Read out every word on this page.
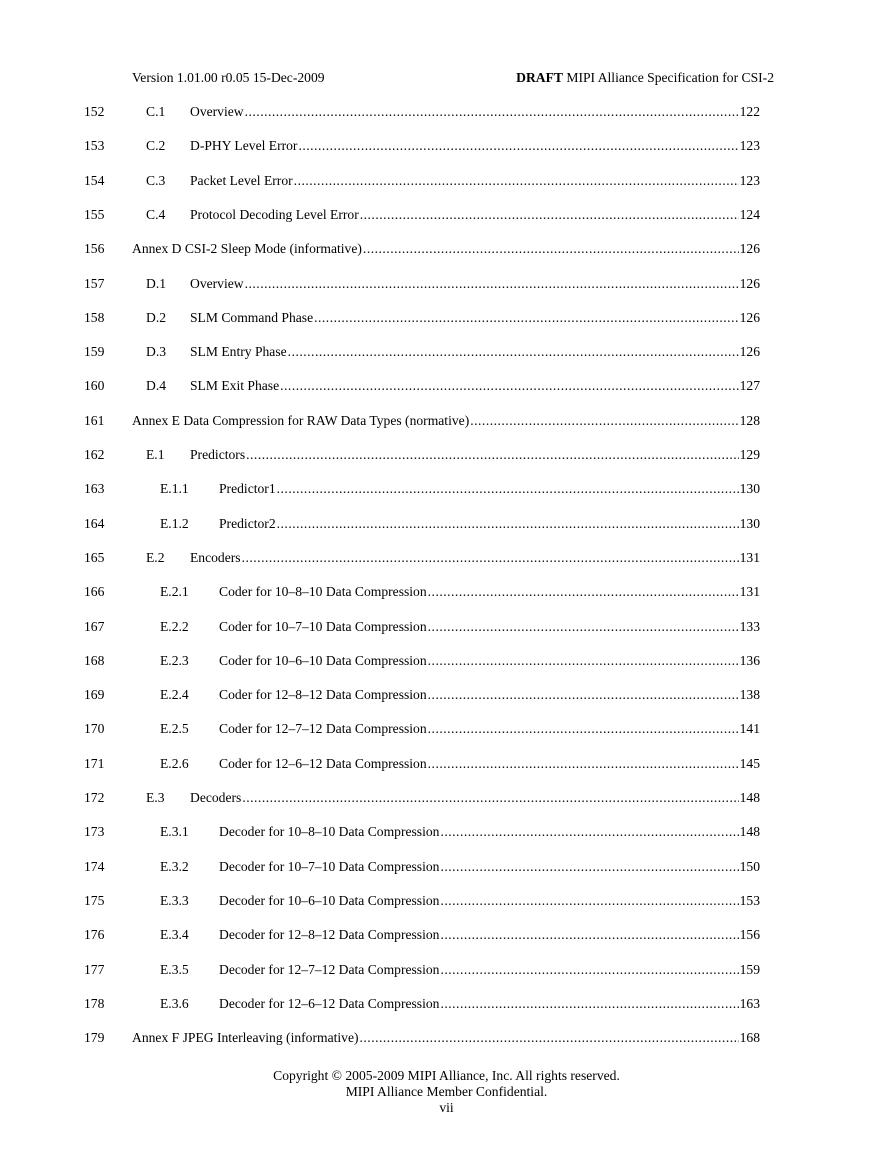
Version 1.01.00 r0.05 15-Dec-2009	DRAFT MIPI Alliance Specification for CSI-2
152	C.1 Overview . . .	122
153	C.2 D-PHY Level Error . . .	123
154	C.3 Packet Level Error . . .	123
155	C.4 Protocol Decoding Level Error . . .	124
156	Annex D CSI-2 Sleep Mode (informative) . . .	126
157	D.1 Overview . . .	126
158	D.2 SLM Command Phase . . .	126
159	D.3 SLM Entry Phase . . .	126
160	D.4 SLM Exit Phase . . .	127
161	Annex E Data Compression for RAW Data Types (normative) . . .	128
162	E.1 Predictors . . .	129
163	E.1.1 Predictor1 . . .	130
164	E.1.2 Predictor2 . . .	130
165	E.2 Encoders . . .	131
166	E.2.1 Coder for 10–8–10 Data Compression . . .	131
167	E.2.2 Coder for 10–7–10 Data Compression . . .	133
168	E.2.3 Coder for 10–6–10 Data Compression . . .	136
169	E.2.4 Coder for 12–8–12 Data Compression . . .	138
170	E.2.5 Coder for 12–7–12 Data Compression . . .	141
171	E.2.6 Coder for 12–6–12 Data Compression . . .	145
172	E.3 Decoders . . .	148
173	E.3.1 Decoder for 10–8–10 Data Compression . . .	148
174	E.3.2 Decoder for 10–7–10 Data Compression . . .	150
175	E.3.3 Decoder for 10–6–10 Data Compression . . .	153
176	E.3.4 Decoder for 12–8–12 Data Compression . . .	156
177	E.3.5 Decoder for 12–7–12 Data Compression . . .	159
178	E.3.6 Decoder for 12–6–12 Data Compression . . .	163
179	Annex F JPEG Interleaving (informative) . . .	168
Copyright © 2005-2009 MIPI Alliance, Inc. All rights reserved.
MIPI Alliance Member Confidential.
vii
